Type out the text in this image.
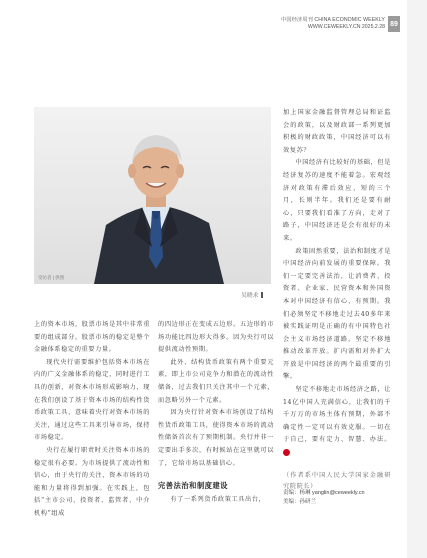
中国经济周刊 CHINA ECONOMIC WEEKLY
WWW.CEWEEKLY.CN 2025.2.28 89
受访者 | 供图
吴晓求

上的资本市场，股票市场是其中非常重要的组成部分，股票市场的稳定是整个金融体系稳定的重要力量。

现代央行需要维护包括资本市场在内的广义金融体系的稳定，同时进行工具的创新，对资本市场形成影响力，现在我们创设了基于资本市场的结构性货币政策工具，意味着央行对资本市场的关注，通过这些工具来引导市场，保持市场稳定。

央行在履行职责时关注资本市场的稳定很有必要。为市场提供了流动性和信心，由于央行的关注，资本市场的功能和力量将得到加强。在实践上，包括“主市公司、投资者、监管者、中介机构”组成

的四边形正在变成五边形。五边形的市场功能比四边形大得多。因为央行可以提供流动性预期。

此外，结构货币政策有两个重要元素，即上市公司竞争力和潜在的流动性储备，过去我们只关注其中一个元素，而忽略另外一个元素。

因为央行针对资本市场创设了结构性货币政策工具，使得资本市场的流动性储备首次有了预期机制。央行并非一定要出手多次，有时候站在这里就可以了，它给市场以基础信心。

完善法治和制度建设

有了一系列货币政策工具出台，

加上国家金融监督管理总局和证监会的政策，以及财政部一系列更加积极的财政政策，中国经济可以有效复苏？

中国经济有比较好的基础，但是经济复苏的速度不能着急。宏观经济对政策有滞后效应，短的三个月，长则半年。我们还是要有耐心，只要我们看准了方向，走对了路子，中国经济还是会有很好的未来。

政策固然重要，法治和制度才是中国经济向前发展的重要保障。我们一定要完善法治，让消费者、投资者、企业家、民营资本和外国资本对中国经济有信心、有预期。我们必须坚定不移地走过去40多年来被实践证明是正确的有中国特色社会主义市场经济道路。坚定不移地推动改革开放。扩内需和对外扩大开放是中国经济的两个最重要的引擎。

坚定不移地走市场经济之路，让14亿中国人充满信心，让我们的千千万万的市场主体有预期，外部不确定性一定可以有效克服。一切在于自己，要有定力、智慧、办法。

（作者系中国人民大学国家金融研究院院长）
责编：杨琳 yanglin@ceweekly.cn
美编：孙研兰
